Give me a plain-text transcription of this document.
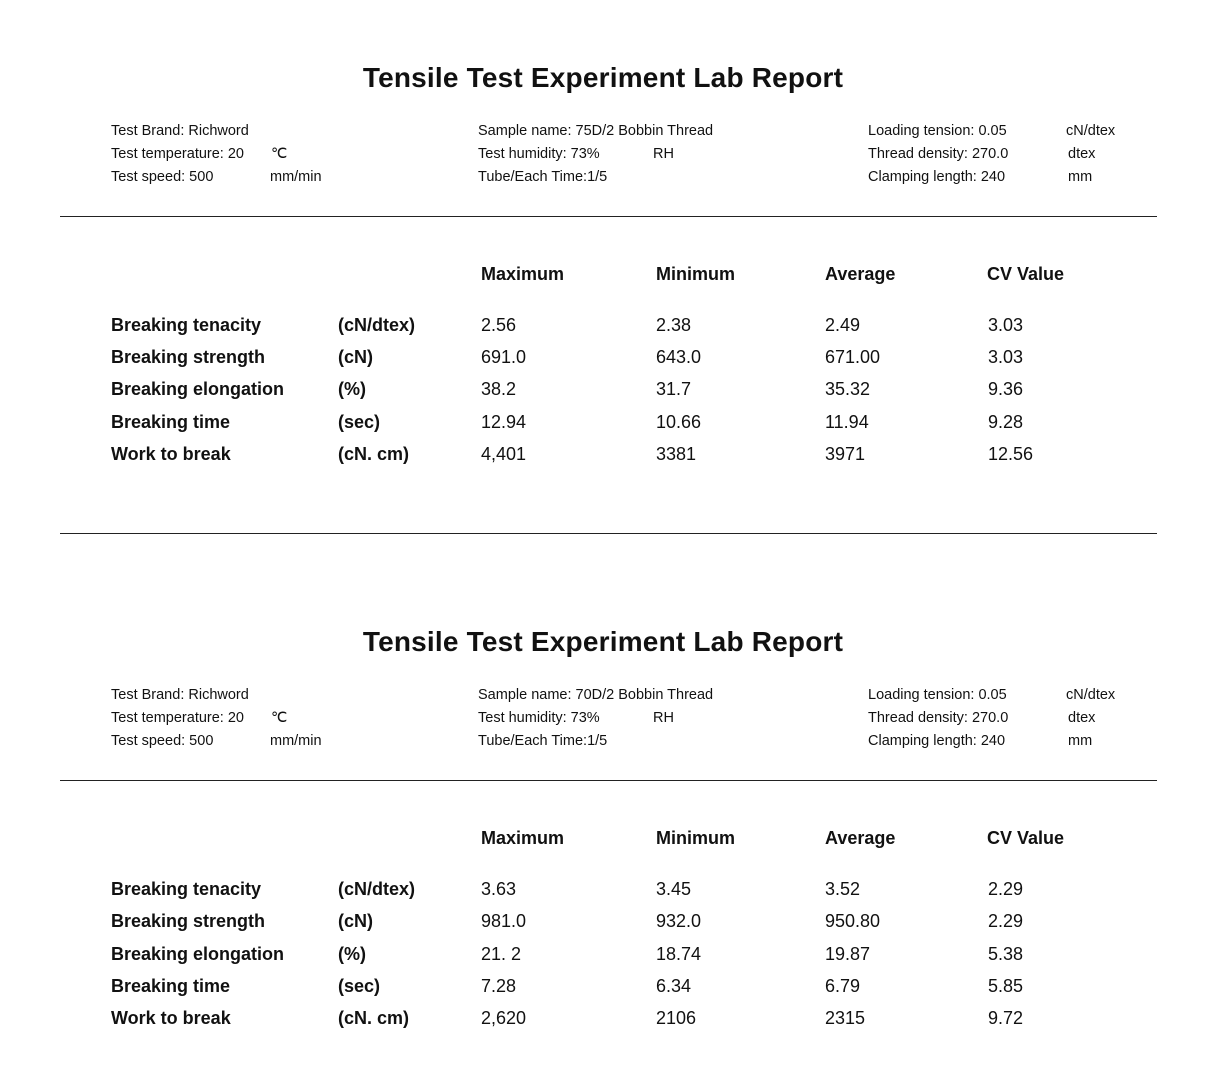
Tensile Test Experiment Lab Report
Test Brand: Richword
Test temperature: 20 ℃
Test speed: 500	mm/min
Sample name: 75D/2 Bobbin Thread
Test humidity: 73%	RH
Tube/Each Time:1/5
Loading tension: 0.05	cN/dtex
Thread density: 270.0	dtex
Clamping length: 240	mm
Maximum	Minimum	Average	CV Value
Breaking tenacity	(cN/dtex)	2.56	2.38	2.49	3.03
Breaking strength	(cN)	691.0	643.0	671.00	3.03
Breaking elongation	(%)	38.2	31.7	35.32	9.36
Breaking time	(sec)	12.94	10.66	11.94	9.28
Work to break	(cN. cm)	4,401	3381	3971	12.56
Tensile Test Experiment Lab Report
Test Brand: Richword
Test temperature: 20 ℃
Test speed: 500	mm/min
Sample name: 70D/2 Bobbin Thread
Test humidity: 73%	RH
Tube/Each Time:1/5
Loading tension: 0.05	cN/dtex
Thread density: 270.0	dtex
Clamping length: 240	mm
Maximum	Minimum	Average	CV Value
Breaking tenacity	(cN/dtex)	3.63	3.45	3.52	2.29
Breaking strength	(cN)	981.0	932.0	950.80	2.29
Breaking elongation	(%)	21. 2	18.74	19.87	5.38
Breaking time	(sec)	7.28	6.34	6.79	5.85
Work to break	(cN. cm)	2,620	2106	2315	9.72
